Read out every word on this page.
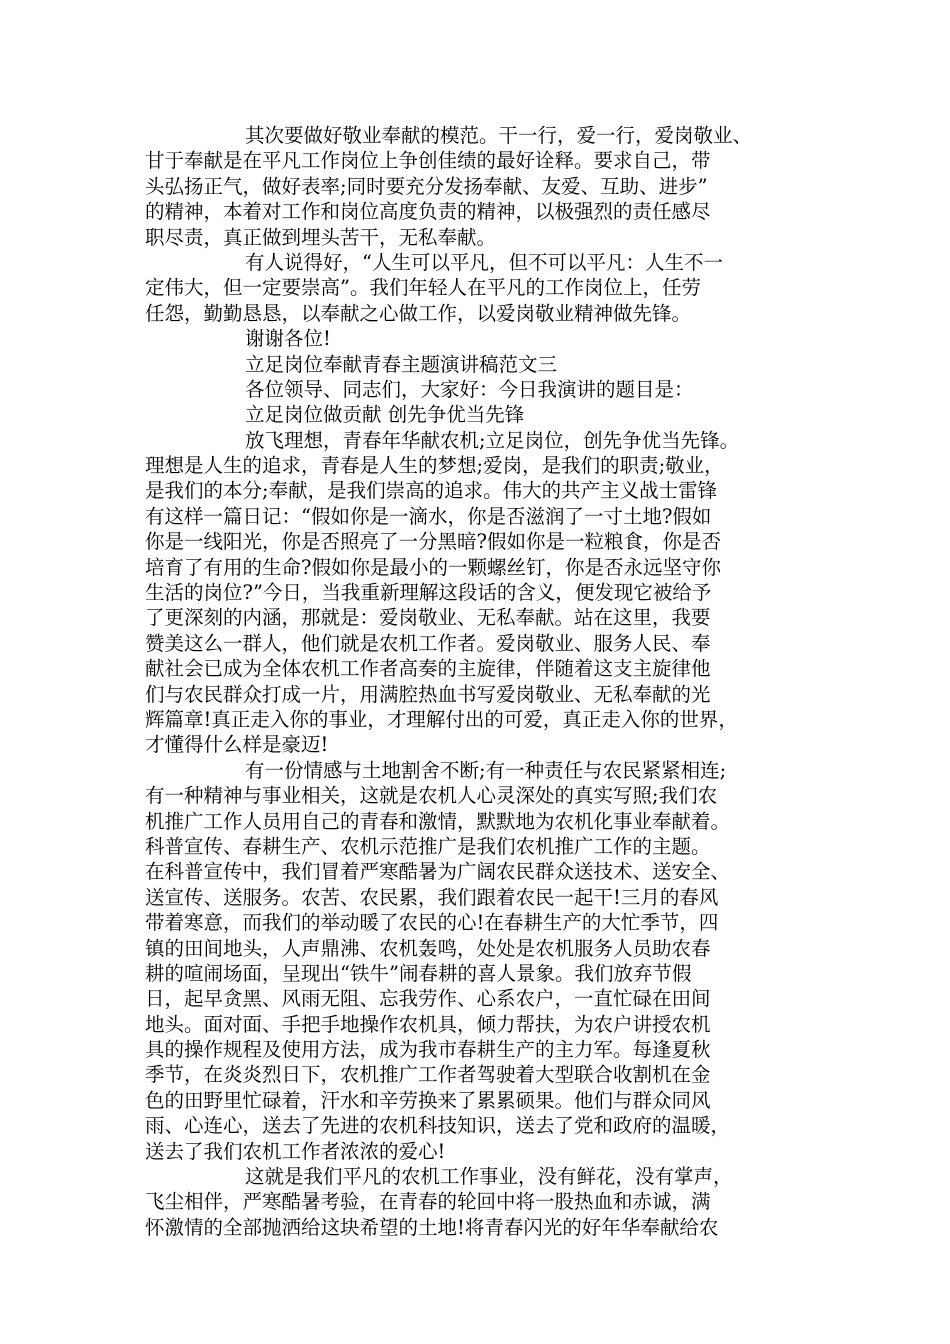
其次要做好敬业奉献的模范。干一行，爱一行，爱岗敬业、
甘于奉献是在平凡工作岗位上争创佳绩的最好诠释。要求自己，带
头弘扬正气，做好表率;同时要充分发扬奉献、友爱、互助、进步”
的精神，本着对工作和岗位高度负责的精神，以极强烈的责任感尽
职尽责，真正做到埋头苦干，无私奉献。
有人说得好，“人生可以平凡，但不可以平凡：人生不一
定伟大，但一定要崇高”。我们年轻人在平凡的工作岗位上，任劳
任怨，勤勤恳恳，以奉献之心做工作，以爱岗敬业精神做先锋。
谢谢各位!
立足岗位奉献青春主题演讲稿范文三
各位领导、同志们，大家好：今日我演讲的题目是：
立足岗位做贡献 创先争优当先锋
放飞理想，青春年华献农机;立足岗位，创先争优当先锋。
理想是人生的追求，青春是人生的梦想;爱岗，是我们的职责;敬业，
是我们的本分;奉献，是我们崇高的追求。伟大的共产主义战士雷锋
有这样一篇日记：“假如你是一滴水，你是否滋润了一寸土地?假如
你是一线阳光，你是否照亮了一分黑暗?假如你是一粒粮食，你是否
培育了有用的生命?假如你是最小的一颗螺丝钉，你是否永远坚守你
生活的岗位?”今日，当我重新理解这段话的含义，便发现它被给予
了更深刻的内涵，那就是：爱岗敬业、无私奉献。站在这里，我要
赞美这么一群人，他们就是农机工作者。爱岗敬业、服务人民、奉
献社会已成为全体农机工作者高奏的主旋律，伴随着这支主旋律他
们与农民群众打成一片，用满腔热血书写爱岗敬业、无私奉献的光
辉篇章!真正走入你的事业，才理解付出的可爱，真正走入你的世界，
才懂得什么样是豪迈!
有一份情感与土地割舍不断;有一种责任与农民紧紧相连;
有一种精神与事业相关，这就是农机人心灵深处的真实写照;我们农
机推广工作人员用自己的青春和激情，默默地为农机化事业奉献着。
科普宣传、春耕生产、农机示范推广是我们农机推广工作的主题。
在科普宣传中，我们冒着严寒酷暑为广阔农民群众送技术、送安全、
送宣传、送服务。农苦、农民累，我们跟着农民一起干!三月的春风
带着寒意，而我们的举动暖了农民的心!在春耕生产的大忙季节，四
镇的田间地头，人声鼎沸、农机轰鸣，处处是农机服务人员助农春
耕的喧闹场面，呈现出“铁牛”闹春耕的喜人景象。我们放弃节假
日，起早贪黑、风雨无阻、忘我劳作、心系农户，一直忙碌在田间
地头。面对面、手把手地操作农机具，倾力帮扶，为农户讲授农机
具的操作规程及使用方法，成为我市春耕生产的主力军。每逢夏秋
季节，在炎炎烈日下，农机推广工作者驾驶着大型联合收割机在金
色的田野里忙碌着，汗水和辛劳换来了累累硕果。他们与群众同风
雨、心连心，送去了先进的农机科技知识，送去了党和政府的温暖，
送去了我们农机工作者浓浓的爱心!
这就是我们平凡的农机工作事业，没有鲜花，没有掌声，
飞尘相伴，严寒酷暑考验，在青春的轮回中将一股热血和赤诚，满
怀激情的全部抛洒给这块希望的土地!将青春闪光的好年华奉献给农
